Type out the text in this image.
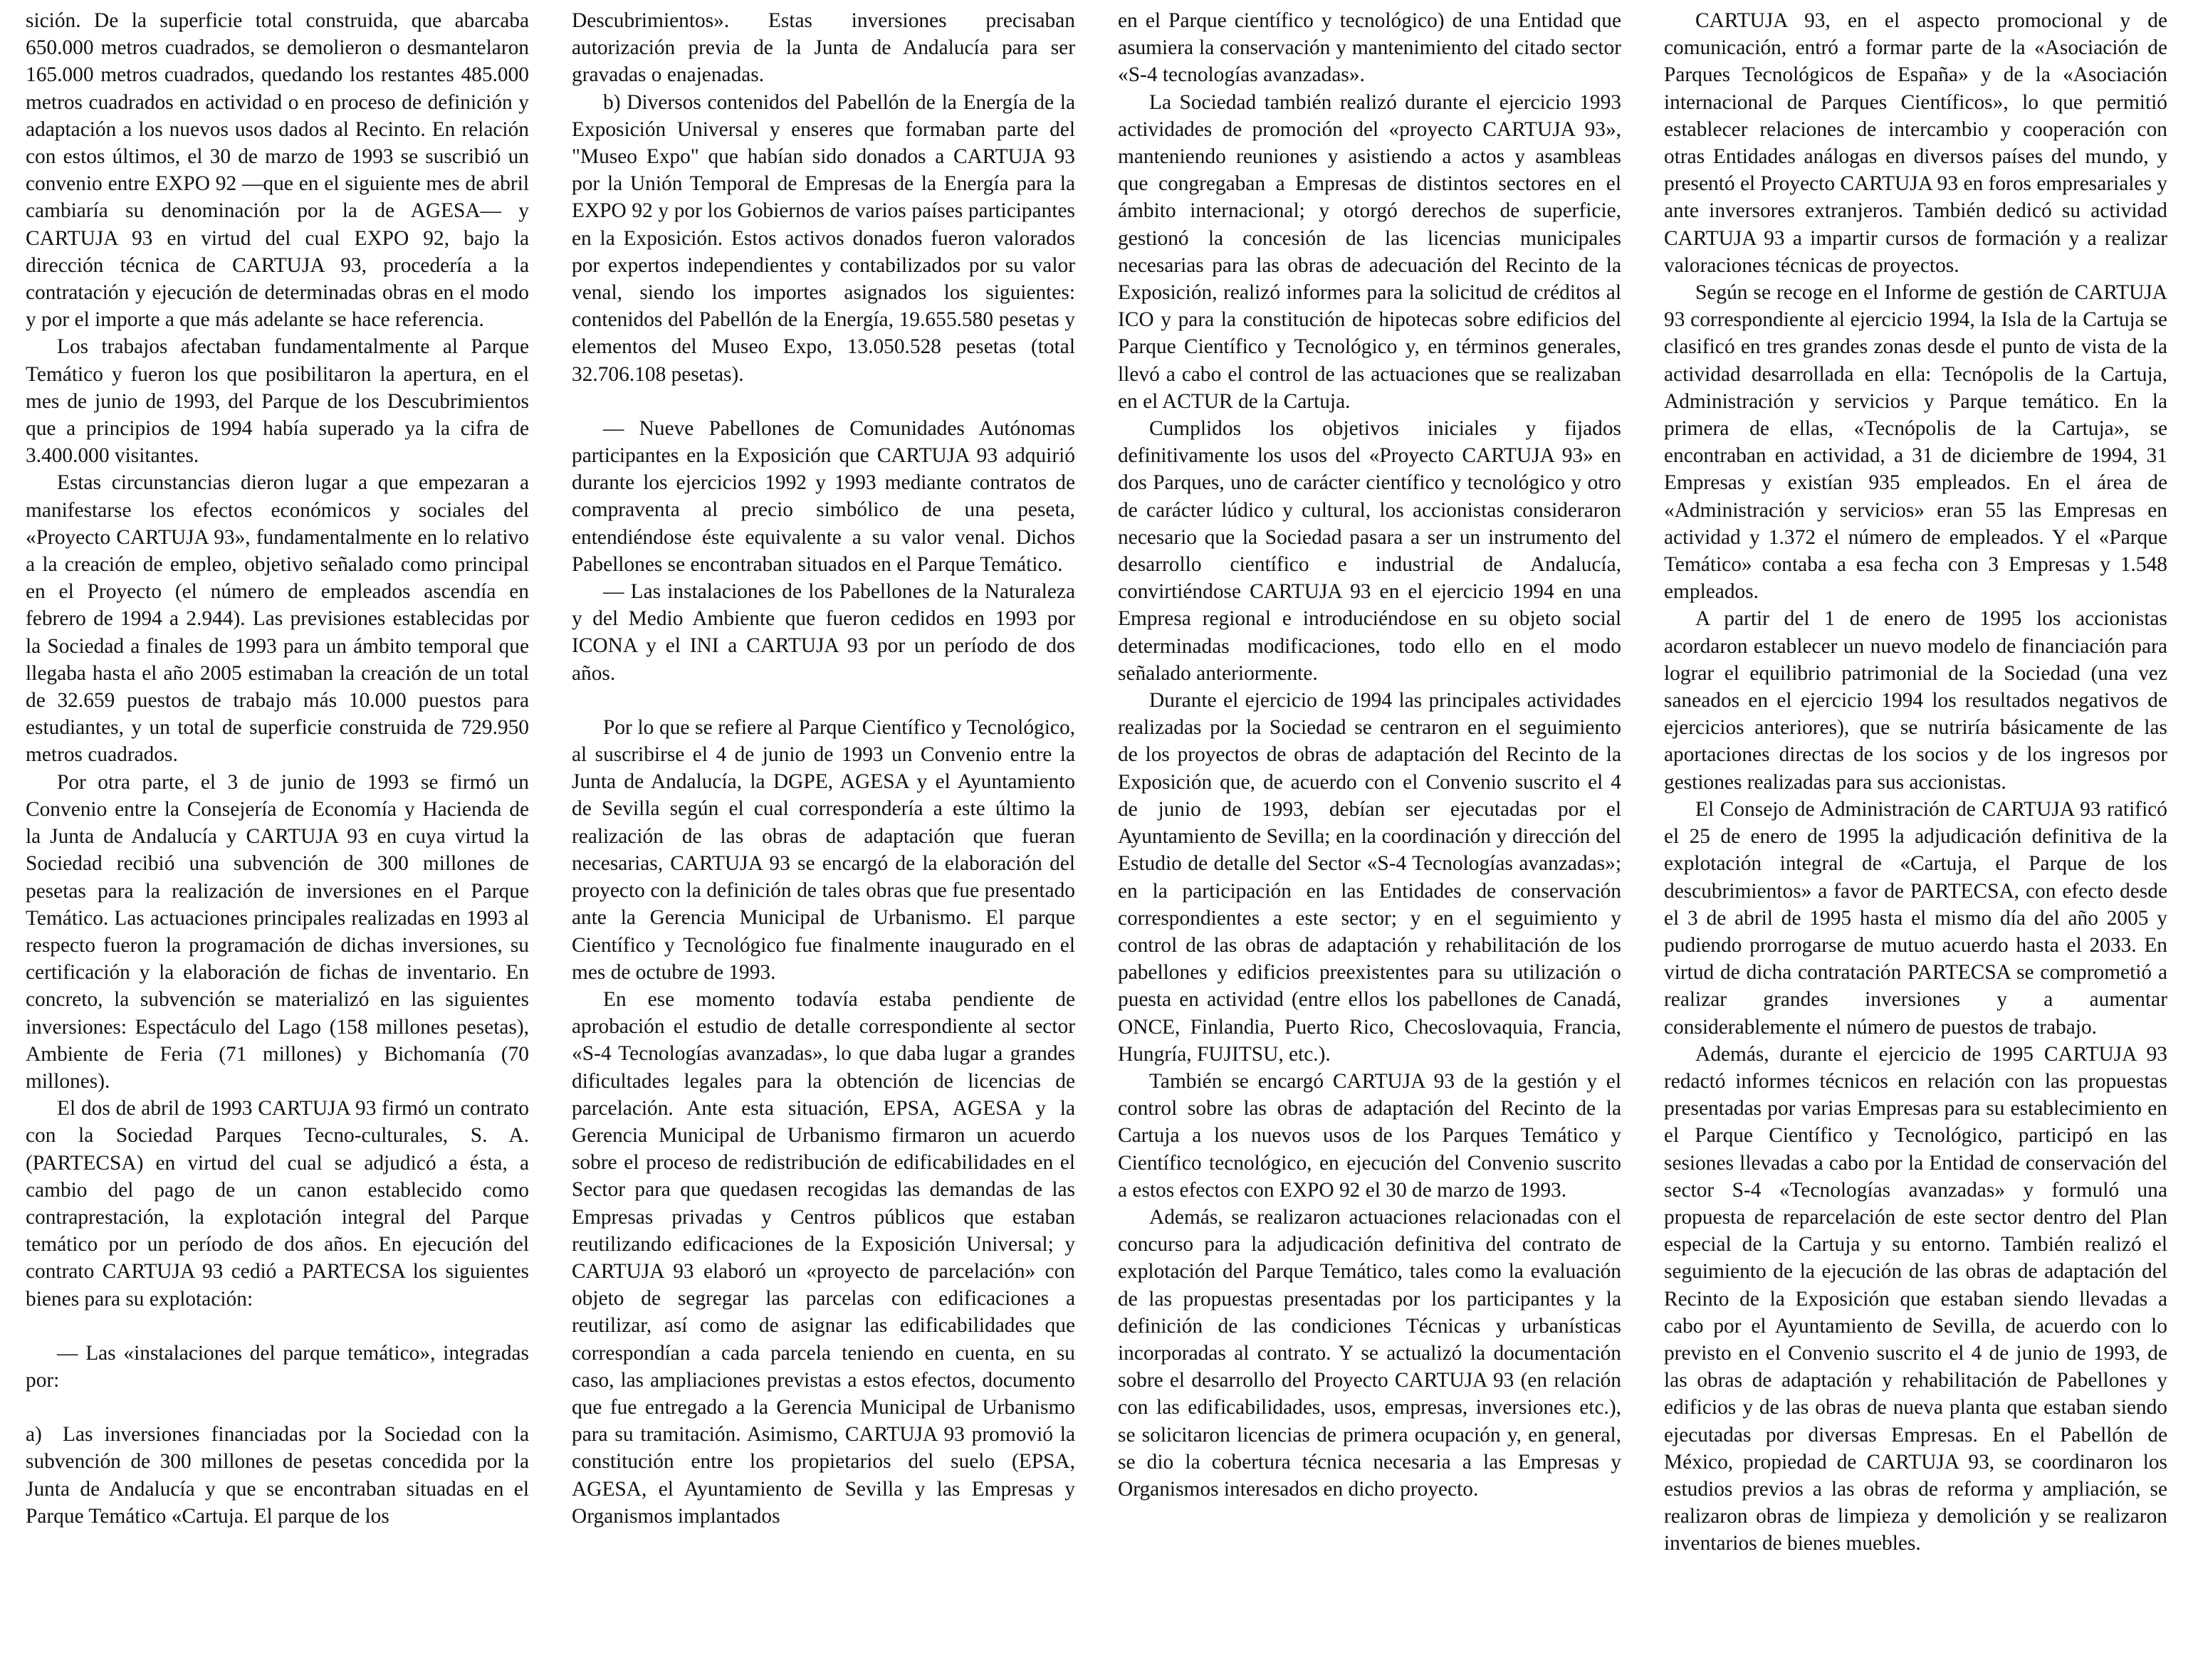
sición. De la superficie total construida, que abarcaba 650.000 metros cuadrados, se demolieron o desmantelaron 165.000 metros cuadrados, quedando los restantes 485.000 metros cuadrados en actividad o en proceso de definición y adaptación a los nuevos usos dados al Recinto. En relación con estos últimos, el 30 de marzo de 1993 se suscribió un convenio entre EXPO 92 —que en el siguiente mes de abril cambiaría su denominación por la de AGESA— y CARTUJA 93 en virtud del cual EXPO 92, bajo la dirección técnica de CARTUJA 93, procedería a la contratación y ejecución de determinadas obras en el modo y por el importe a que más adelante se hace referencia.

Los trabajos afectaban fundamentalmente al Parque Temático y fueron los que posibilitaron la apertura, en el mes de junio de 1993, del Parque de los Descubrimientos que a principios de 1994 había superado ya la cifra de 3.400.000 visitantes.

Estas circunstancias dieron lugar a que empezaran a manifestarse los efectos económicos y sociales del «Proyecto CARTUJA 93», fundamentalmente en lo relativo a la creación de empleo, objetivo señalado como principal en el Proyecto (el número de empleados ascendía en febrero de 1994 a 2.944). Las previsiones establecidas por la Sociedad a finales de 1993 para un ámbito temporal que llegaba hasta el año 2005 estimaban la creación de un total de 32.659 puestos de trabajo más 10.000 puestos para estudiantes, y un total de superficie construida de 729.950 metros cuadrados.

Por otra parte, el 3 de junio de 1993 se firmó un Convenio entre la Consejería de Economía y Hacienda de la Junta de Andalucía y CARTUJA 93 en cuya virtud la Sociedad recibió una subvención de 300 millones de pesetas para la realización de inversiones en el Parque Temático. Las actuaciones principales realizadas en 1993 al respecto fueron la programación de dichas inversiones, su certificación y la elaboración de fichas de inventario. En concreto, la subvención se materializó en las siguientes inversiones: Espectáculo del Lago (158 millones pesetas), Ambiente de Feria (71 millones) y Bichomanía (70 millones).

El dos de abril de 1993 CARTUJA 93 firmó un contrato con la Sociedad Parques Tecno-culturales, S. A. (PARTECSA) en virtud del cual se adjudicó a ésta, a cambio del pago de un canon establecido como contraprestación, la explotación integral del Parque temático por un período de dos años. En ejecución del contrato CARTUJA 93 cedió a PARTECSA los siguientes bienes para su explotación:

— Las «instalaciones del parque temático», integradas por:

a) Las inversiones financiadas por la Sociedad con la subvención de 300 millones de pesetas concedida por la Junta de Andalucía y que se encontraban situadas en el Parque Temático «Cartuja. El parque de los

Descubrimientos». Estas inversiones precisaban autorización previa de la Junta de Andalucía para ser gravadas o enajenadas.

b) Diversos contenidos del Pabellón de la Energía de la Exposición Universal y enseres que formaban parte del "Museo Expo" que habían sido donados a CARTUJA 93 por la Unión Temporal de Empresas de la Energía para la EXPO 92 y por los Gobiernos de varios países participantes en la Exposición. Estos activos donados fueron valorados por expertos independientes y contabilizados por su valor venal, siendo los importes asignados los siguientes: contenidos del Pabellón de la Energía, 19.655.580 pesetas y elementos del Museo Expo, 13.050.528 pesetas (total 32.706.108 pesetas).

— Nueve Pabellones de Comunidades Autónomas participantes en la Exposición que CARTUJA 93 adquirió durante los ejercicios 1992 y 1993 mediante contratos de compraventa al precio simbólico de una peseta, entendiéndose éste equivalente a su valor venal. Dichos Pabellones se encontraban situados en el Parque Temático.

— Las instalaciones de los Pabellones de la Naturaleza y del Medio Ambiente que fueron cedidos en 1993 por ICONA y el INI a CARTUJA 93 por un período de dos años.

Por lo que se refiere al Parque Científico y Tecnológico, al suscribirse el 4 de junio de 1993 un Convenio entre la Junta de Andalucía, la DGPE, AGESA y el Ayuntamiento de Sevilla según el cual correspondería a este último la realización de las obras de adaptación que fueran necesarias, CARTUJA 93 se encargó de la elaboración del proyecto con la definición de tales obras que fue presentado ante la Gerencia Municipal de Urbanismo. El parque Científico y Tecnológico fue finalmente inaugurado en el mes de octubre de 1993.

En ese momento todavía estaba pendiente de aprobación el estudio de detalle correspondiente al sector «S-4 Tecnologías avanzadas», lo que daba lugar a grandes dificultades legales para la obtención de licencias de parcelación. Ante esta situación, EPSA, AGESA y la Gerencia Municipal de Urbanismo firmaron un acuerdo sobre el proceso de redistribución de edificabilidades en el Sector para que quedasen recogidas las demandas de las Empresas privadas y Centros públicos que estaban reutilizando edificaciones de la Exposición Universal; y CARTUJA 93 elaboró un «proyecto de parcelación» con objeto de segregar las parcelas con edificaciones a reutilizar, así como de asignar las edificabilidades que correspondían a cada parcela teniendo en cuenta, en su caso, las ampliaciones previstas a estos efectos, documento que fue entregado a la Gerencia Municipal de Urbanismo para su tramitación. Asimismo, CARTUJA 93 promovió la constitución entre los propietarios del suelo (EPSA, AGESA, el Ayuntamiento de Sevilla y las Empresas y Organismos implantados

en el Parque científico y tecnológico) de una Entidad que asumiera la conservación y mantenimiento del citado sector «S-4 tecnologías avanzadas».

La Sociedad también realizó durante el ejercicio 1993 actividades de promoción del «proyecto CARTUJA 93», manteniendo reuniones y asistiendo a actos y asambleas que congregaban a Empresas de distintos sectores en el ámbito internacional; y otorgó derechos de superficie, gestionó la concesión de las licencias municipales necesarias para las obras de adecuación del Recinto de la Exposición, realizó informes para la solicitud de créditos al ICO y para la constitución de hipotecas sobre edificios del Parque Científico y Tecnológico y, en términos generales, llevó a cabo el control de las actuaciones que se realizaban en el ACTUR de la Cartuja.

Cumplidos los objetivos iniciales y fijados definitivamente los usos del «Proyecto CARTUJA 93» en dos Parques, uno de carácter científico y tecnológico y otro de carácter lúdico y cultural, los accionistas consideraron necesario que la Sociedad pasara a ser un instrumento del desarrollo científico e industrial de Andalucía, convirtiéndose CARTUJA 93 en el ejercicio 1994 en una Empresa regional e introduciéndose en su objeto social determinadas modificaciones, todo ello en el modo señalado anteriormente.

Durante el ejercicio de 1994 las principales actividades realizadas por la Sociedad se centraron en el seguimiento de los proyectos de obras de adaptación del Recinto de la Exposición que, de acuerdo con el Convenio suscrito el 4 de junio de 1993, debían ser ejecutadas por el Ayuntamiento de Sevilla; en la coordinación y dirección del Estudio de detalle del Sector «S-4 Tecnologías avanzadas»; en la participación en las Entidades de conservación correspondientes a este sector; y en el seguimiento y control de las obras de adaptación y rehabilitación de los pabellones y edificios preexistentes para su utilización o puesta en actividad (entre ellos los pabellones de Canadá, ONCE, Finlandia, Puerto Rico, Checoslovaquia, Francia, Hungría, FUJITSU, etc.).

También se encargó CARTUJA 93 de la gestión y el control sobre las obras de adaptación del Recinto de la Cartuja a los nuevos usos de los Parques Temático y Científico tecnológico, en ejecución del Convenio suscrito a estos efectos con EXPO 92 el 30 de marzo de 1993.

Además, se realizaron actuaciones relacionadas con el concurso para la adjudicación definitiva del contrato de explotación del Parque Temático, tales como la evaluación de las propuestas presentadas por los participantes y la definición de las condiciones Técnicas y urbanísticas incorporadas al contrato. Y se actualizó la documentación sobre el desarrollo del Proyecto CARTUJA 93 (en relación con las edificabilidades, usos, empresas, inversiones etc.), se solicitaron licencias de primera ocupación y, en general, se dio la cobertura técnica necesaria a las Empresas y Organismos interesados en dicho proyecto.

CARTUJA 93, en el aspecto promocional y de comunicación, entró a formar parte de la «Asociación de Parques Tecnológicos de España» y de la «Asociación internacional de Parques Científicos», lo que permitió establecer relaciones de intercambio y cooperación con otras Entidades análogas en diversos países del mundo, y presentó el Proyecto CARTUJA 93 en foros empresariales y ante inversores extranjeros. También dedicó su actividad CARTUJA 93 a impartir cursos de formación y a realizar valoraciones técnicas de proyectos.

Según se recoge en el Informe de gestión de CARTUJA 93 correspondiente al ejercicio 1994, la Isla de la Cartuja se clasificó en tres grandes zonas desde el punto de vista de la actividad desarrollada en ella: Tecnópolis de la Cartuja, Administración y servicios y Parque temático. En la primera de ellas, «Tecnópolis de la Cartuja», se encontraban en actividad, a 31 de diciembre de 1994, 31 Empresas y existían 935 empleados. En el área de «Administración y servicios» eran 55 las Empresas en actividad y 1.372 el número de empleados. Y el «Parque Temático» contaba a esa fecha con 3 Empresas y 1.548 empleados.

A partir del 1 de enero de 1995 los accionistas acordaron establecer un nuevo modelo de financiación para lograr el equilibrio patrimonial de la Sociedad (una vez saneados en el ejercicio 1994 los resultados negativos de ejercicios anteriores), que se nutriría básicamente de las aportaciones directas de los socios y de los ingresos por gestiones realizadas para sus accionistas.

El Consejo de Administración de CARTUJA 93 ratificó el 25 de enero de 1995 la adjudicación definitiva de la explotación integral de «Cartuja, el Parque de los descubrimientos» a favor de PARTECSA, con efecto desde el 3 de abril de 1995 hasta el mismo día del año 2005 y pudiendo prorrogarse de mutuo acuerdo hasta el 2033. En virtud de dicha contratación PARTECSA se comprometió a realizar grandes inversiones y a aumentar considerablemente el número de puestos de trabajo.

Además, durante el ejercicio de 1995 CARTUJA 93 redactó informes técnicos en relación con las propuestas presentadas por varias Empresas para su establecimiento en el Parque Científico y Tecnológico, participó en las sesiones llevadas a cabo por la Entidad de conservación del sector S-4 «Tecnologías avanzadas» y formuló una propuesta de reparcelación de este sector dentro del Plan especial de la Cartuja y su entorno. También realizó el seguimiento de la ejecución de las obras de adaptación del Recinto de la Exposición que estaban siendo llevadas a cabo por el Ayuntamiento de Sevilla, de acuerdo con lo previsto en el Convenio suscrito el 4 de junio de 1993, de las obras de adaptación y rehabilitación de Pabellones y edificios y de las obras de nueva planta que estaban siendo ejecutadas por diversas Empresas. En el Pabellón de México, propiedad de CARTUJA 93, se coordinaron los estudios previos a las obras de reforma y ampliación, se realizaron obras de limpieza y demolición y se realizaron inventarios de bienes muebles.
